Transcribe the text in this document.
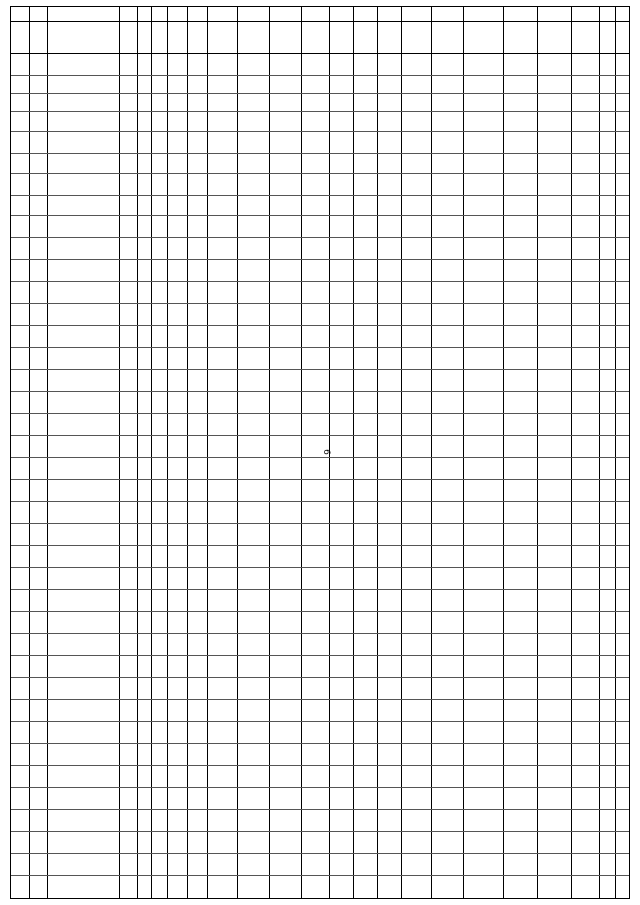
6
